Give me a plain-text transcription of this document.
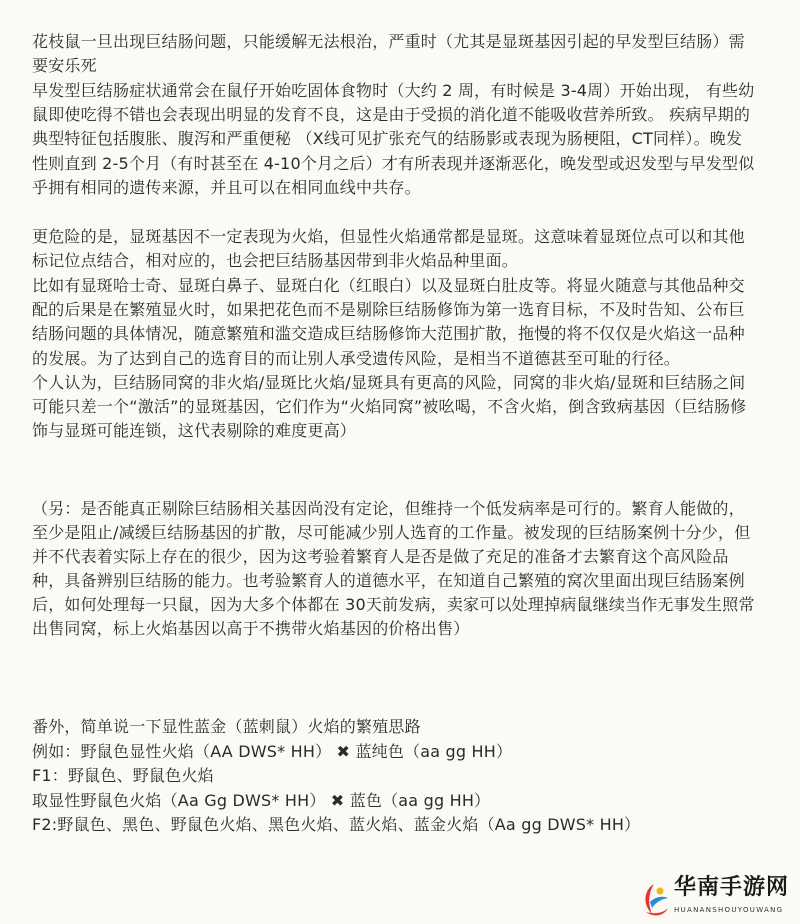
花枝鼠一旦出现巨结肠问题，只能缓解无法根治，严重时（尤其是显斑基因引起的早发型巨结肠）需
要安乐死
早发型巨结肠症状通常会在鼠仔开始吃固体食物时（大约 2 周，有时候是 3-4周）开始出现， 有些幼
鼠即使吃得不错也会表现出明显的发育不良，这是由于受损的消化道不能吸收营养所致。 疾病早期的
典型特征包括腹胀、腹泻和严重便秘 （X线可见扩张充气的结肠影或表现为肠梗阻，CT同样）。晚发
性则直到 2-5个月（有时甚至在 4-10个月之后）才有所表现并逐渐恶化，晚发型或迟发型与早发型似
乎拥有相同的遗传来源，并且可以在相同血线中共存。
更危险的是，显斑基因不一定表现为火焰，但显性火焰通常都是显斑。这意味着显斑位点可以和其他
标记位点结合，相对应的，也会把巨结肠基因带到非火焰品种里面。
比如有显斑哈士奇、显斑白鼻子、显斑白化（红眼白）以及显斑白肚皮等。将显火随意与其他品种交
配的后果是在繁殖显火时，如果把花色而不是剔除巨结肠修饰为第一选育目标，不及时告知、公布巨
结肠问题的具体情况，随意繁殖和滥交造成巨结肠修饰大范围扩散，拖慢的将不仅仅是火焰这一品种
的发展。为了达到自己的选育目的而让别人承受遗传风险，是相当不道德甚至可耻的行径。
个人认为，巨结肠同窝的非火焰/显斑比火焰/显斑具有更高的风险，同窝的非火焰/显斑和巨结肠之间
可能只差一个“激活”的显斑基因，它们作为“火焰同窝”被吆喝，不含火焰，倒含致病基因（巨结肠修
饰与显斑可能连锁，这代表剔除的难度更高）
（另：是否能真正剔除巨结肠相关基因尚没有定论，但维持一个低发病率是可行的。繁育人能做的，
至少是阻止/减缓巨结肠基因的扩散，尽可能减少别人选育的工作量。被发现的巨结肠案例十分少，但
并不代表着实际上存在的很少，因为这考验着繁育人是否是做了充足的准备才去繁育这个高风险品
种，具备辨别巨结肠的能力。也考验繁育人的道德水平，在知道自己繁殖的窝次里面出现巨结肠案例
后，如何处理每一只鼠，因为大多个体都在 30天前发病，卖家可以处理掉病鼠继续当作无事发生照常
出售同窝，标上火焰基因以高于不携带火焰基因的价格出售）
番外，简单说一下显性蓝金（蓝刺鼠）火焰的繁殖思路
例如：野鼠色显性火焰（AA DWS* HH） ✖ 蓝纯色（aa gg HH）
F1：野鼠色、野鼠色火焰
取显性野鼠色火焰（Aa Gg DWS* HH） ✖ 蓝色（aa gg HH）
F2:野鼠色、黑色、野鼠色火焰、黑色火焰、蓝火焰、蓝金火焰（Aa gg DWS* HH）
华南手游网
HUANANSHOUYOUWANG
